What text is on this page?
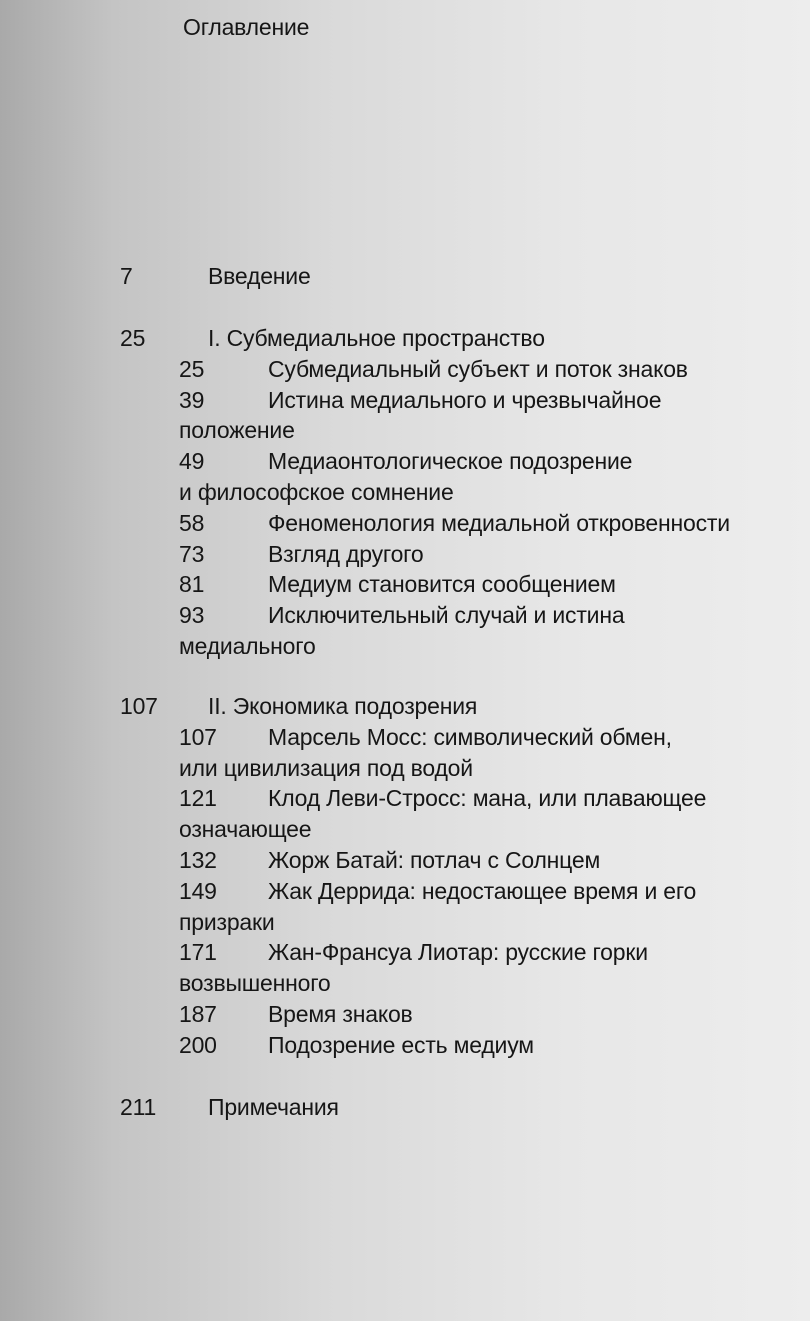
Оглавление
7	Введение
25	I. Субмедиальное пространство
25	Субмедиальный субъект и поток знаков
39	Истина медиального и чрезвычайное
положение
49	Медиаонтологическое подозрение
и философское сомнение
58	Феноменология медиальной откровенности
73	Взгляд другого
81	Медиум становится сообщением
93	Исключительный случай и истина
медиального
107 II. Экономика подозрения
107 Марсель Мосс: символический обмен,
или цивилизация под водой
121 Клод Леви-Стросс: мана, или плавающее
означающее
132 Жорж Батай: потлач с Солнцем
149 Жак Деррида: недостающее время и его
призраки
171 Жан-Франсуа Лиотар: русские горки
возвышенного
187 Время знаков
200 Подозрение есть медиум
211 Примечания
